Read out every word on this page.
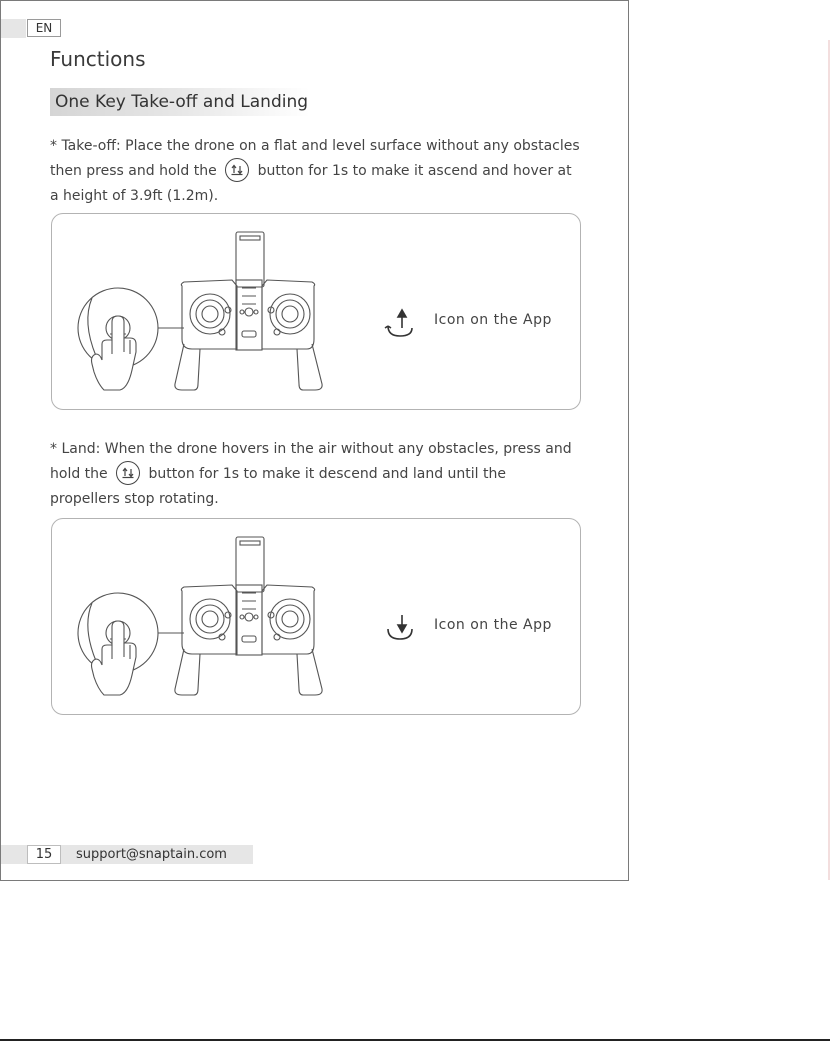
EN
Functions
One Key Take-off and Landing
* Take-off: Place the drone on a flat and level surface without any obstacles then press and hold the	button for 1s to make it ascend and hover at a height of 3.9ft (1.2m).
Icon on the App
* Land: When the drone hovers in the air without any obstacles, press and hold the	button for 1s to make it descend and land until the propellers stop rotating.
Icon on the App
15	support@snaptain.com
